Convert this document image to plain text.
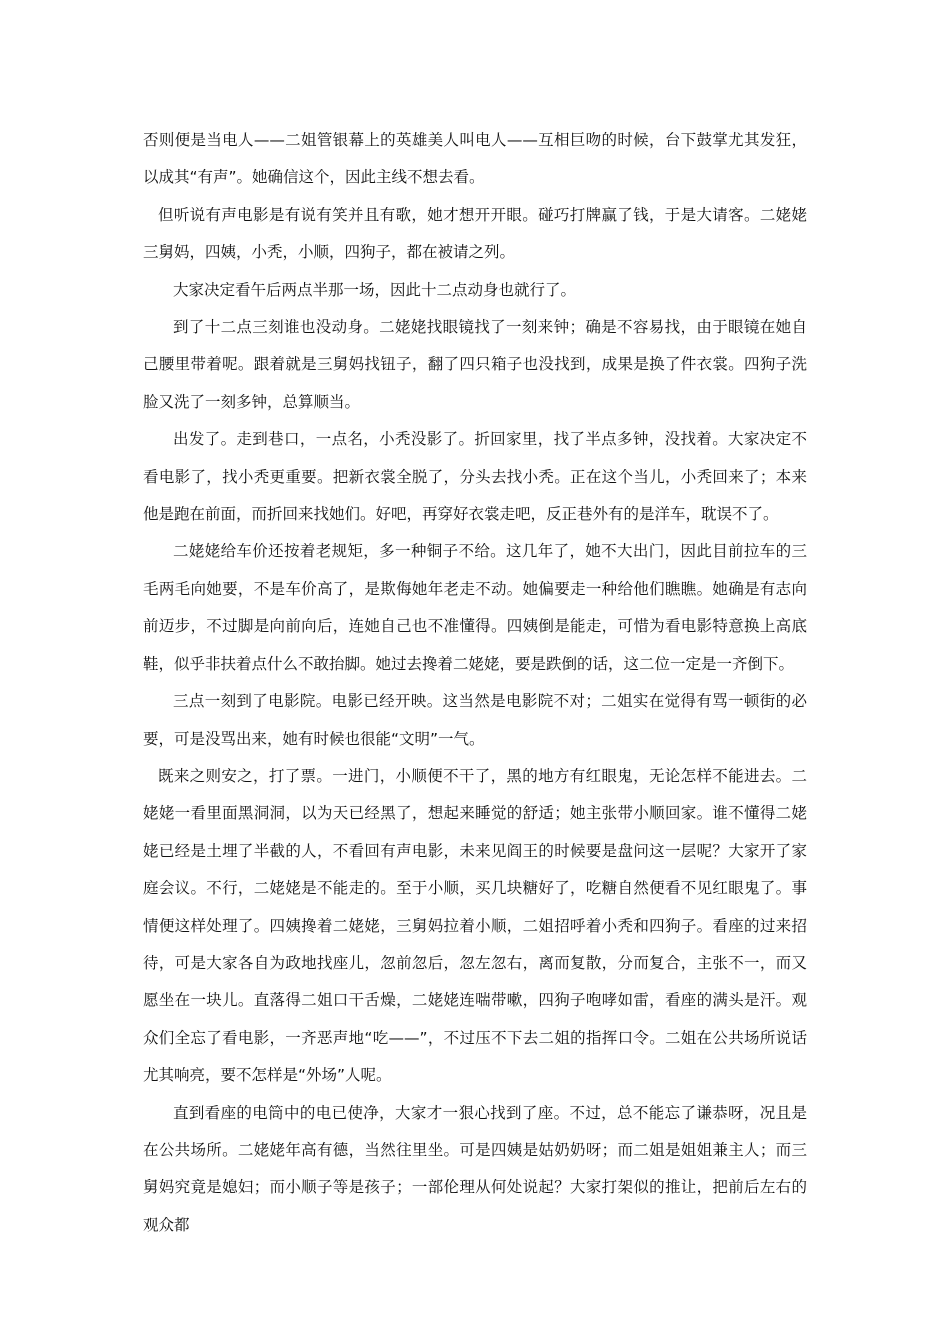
否则便是当电人——二姐管银幕上的英雄美人叫电人——互相巨吻的时候，台下鼓掌尤其发狂，以成其“有声”。她确信这个，因此主线不想去看。

但听说有声电影是有说有笑并且有歌，她才想开开眼。碰巧打牌赢了钱，于是大请客。二姥姥三舅妈，四姨，小秃，小顺，四狗子，都在被请之列。

大家决定看午后两点半那一场，因此十二点动身也就行了。

到了十二点三刻谁也没动身。二姥姥找眼镜找了一刻来钟；确是不容易找，由于眼镜在她自己腰里带着呢。跟着就是三舅妈找钮子，翻了四只箱子也没找到，成果是换了件衣裳。四狗子洗脸又洗了一刻多钟，总算顺当。

出发了。走到巷口，一点名，小秃没影了。折回家里，找了半点多钟，没找着。大家决定不看电影了，找小秃更重要。把新衣裳全脱了，分头去找小秃。正在这个当儿，小秃回来了；本来他是跑在前面，而折回来找她们。好吧，再穿好衣裳走吧，反正巷外有的是洋车，耽误不了。

二姥姥给车价还按着老规矩，多一种铜子不给。这几年了，她不大出门，因此目前拉车的三毛两毛向她要，不是车价高了，是欺侮她年老走不动。她偏要走一种给他们瞧瞧。她确是有志向前迈步，不过脚是向前向后，连她自己也不准懂得。四姨倒是能走，可惜为看电影特意换上高底鞋，似乎非扶着点什么不敢抬脚。她过去搀着二姥姥，要是跌倒的话，这二位一定是一齐倒下。

三点一刻到了电影院。电影已经开映。这当然是电影院不对；二姐实在觉得有骂一顿街的必要，可是没骂出来，她有时候也很能“文明”一气。

既来之则安之，打了票。一进门，小顺便不干了，黑的地方有红眼鬼，无论怎样不能进去。二姥姥一看里面黑洞洞，以为天已经黑了，想起来睡觉的舒适；她主张带小顺回家。谁不懂得二姥姥已经是土埋了半截的人，不看回有声电影，未来见阎王的时候要是盘问这一层呢？大家开了家庭会议。不行，二姥姥是不能走的。至于小顺，买几块糖好了，吃糖自然便看不见红眼鬼了。事情便这样处理了。四姨搀着二姥姥，三舅妈拉着小顺，二姐招呼着小秃和四狗子。看座的过来招待，可是大家各自为政地找座儿，忽前忽后，忽左忽右，离而复散，分而复合，主张不一，而又愿坐在一块儿。直落得二姐口干舌燥，二姥姥连喘带嗽，四狗子咆哮如雷，看座的满头是汗。观众们全忘了看电影，一齐恶声地“吃——”，不过压不下去二姐的指挥口令。二姐在公共场所说话尤其响亮，要不怎样是“外场”人呢。

直到看座的电筒中的电已使净，大家才一狠心找到了座。不过，总不能忘了谦恭呀，况且是在公共场所。二姥姥年高有德，当然往里坐。可是四姨是姑奶奶呀；而二姐是姐姐兼主人；而三舅妈究竟是媳妇；而小顺子等是孩子；一部伦理从何处说起？大家打架似的推让，把前后左右的观众都
